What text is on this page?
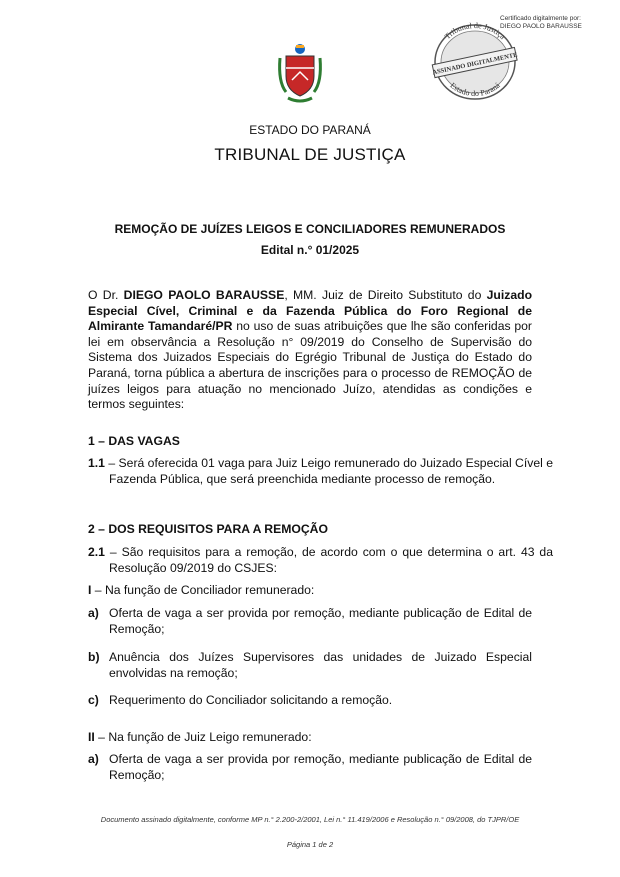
Certificado digitalmente por:
DIEGO PAOLO BARAUSSE
Tribunal de Justiça
Estado do Paraná
ASSINADO DIGITALMENTE
ESTADO DO PARANÁ
TRIBUNAL DE JUSTIÇA
REMOÇÃO DE JUÍZES LEIGOS E CONCILIADORES REMUNERADOS
Edital n.° 01/2025
O Dr. DIEGO PAOLO BARAUSSE, MM. Juiz de Direito Substituto do Juizado Especial Cível, Criminal e da Fazenda Pública do Foro Regional de Almirante Tamandaré/PR no uso de suas atribuições que lhe são conferidas por lei em observância a Resolução n° 09/2019 do Conselho de Supervisão do Sistema dos Juizados Especiais do Egrégio Tribunal de Justiça do Estado do Paraná, torna pública a abertura de inscrições para o processo de REMOÇÃO de juízes leigos para atuação no mencionado Juízo, atendidas as condições e termos seguintes:
1 – DAS VAGAS
1.1 – Será oferecida 01 vaga para Juiz Leigo remunerado do Juizado Especial Cível e Fazenda Pública, que será preenchida mediante processo de remoção.
2 – DOS REQUISITOS PARA A REMOÇÃO
2.1 – São requisitos para a remoção, de acordo com o que determina o art. 43 da Resolução 09/2019 do CSJES:
I – Na função de Conciliador remunerado:
a) Oferta de vaga a ser provida por remoção, mediante publicação de Edital de Remoção;
b) Anuência dos Juízes Supervisores das unidades de Juizado Especial envolvidas na remoção;
c) Requerimento do Conciliador solicitando a remoção.
II – Na função de Juiz Leigo remunerado:
a) Oferta de vaga a ser provida por remoção, mediante publicação de Edital de Remoção;
Documento assinado digitalmente, conforme MP n.° 2.200-2/2001, Lei n.° 11.419/2006 e Resolução n.° 09/2008, do TJPR/OE
Página 1 de 2
